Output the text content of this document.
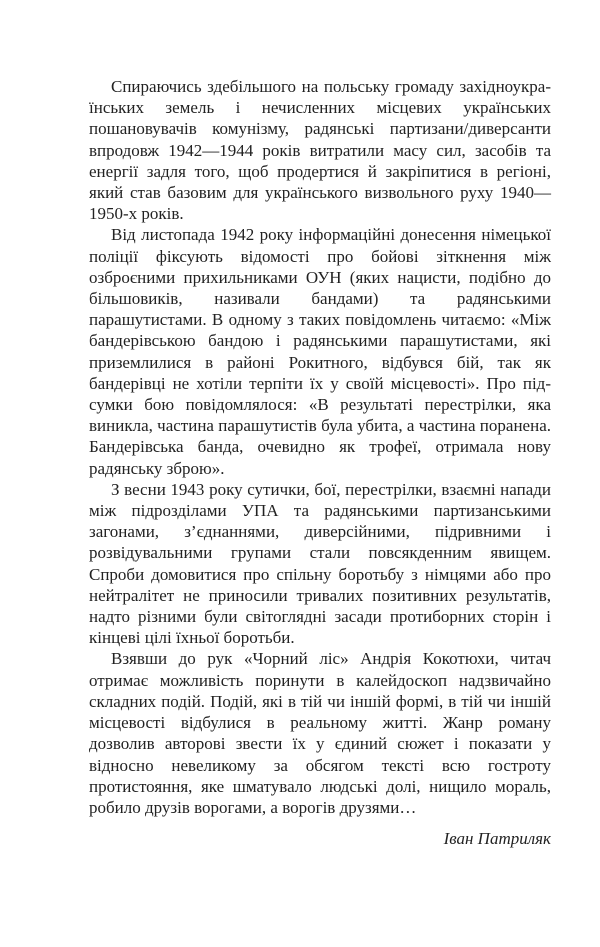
Спираючись здебільшого на польську громаду західноукраїнських земель і нечисленних місцевих українських пошановувачів комунізму, радянські партизани/диверсанти впродовж 1942—1944 років витратили масу сил, засобів та енергії задля того, щоб продертися й закріпитися в регіоні, який став базовим для українського визвольного руху 1940—1950-х років.

Від листопада 1942 року інформаційні донесення німецької поліції фіксують відомості про бойові зіткнення між озброєними прихильниками ОУН (яких нацисти, подібно до більшовиків, називали бандами) та радянськими парашутистами. В одному з таких повідомлень читаємо: «Між бандерівською бандою і радянськими парашутистами, які приземлилися в районі Рокитного, відбувся бій, так як бандерівці не хотіли терпіти їх у своїй місцевості». Про підсумки бою повідомлялося: «В результаті перестрілки, яка виникла, частина парашутистів була убита, а частина поранена. Бандерівська банда, очевидно як трофеї, отримала нову радянську зброю».

З весни 1943 року сутички, бої, перестрілки, взаємні напади між підрозділами УПА та радянськими партизанськими загонами, з’єднаннями, диверсійними, підривними і розвідувальними групами стали повсякденним явищем. Спроби домовитися про спільну боротьбу з німцями або про нейтралітет не приносили тривалих позитивних результатів, надто різними були світоглядні засади протиборних сторін і кінцеві цілі їхньої боротьби.

Взявши до рук «Чорний ліс» Андрія Кокотюхи, читач отримає можливість поринути в калейдоскоп надзвичайно складних подій. Подій, які в тій чи іншій формі, в тій чи іншій місцевості відбулися в реальному житті. Жанр роману дозволив авторові звести їх у єдиний сюжет і показати у відносно невеликому за обсягом тексті всю гостроту протистояння, яке шматувало людські долі, нищило мораль, робило друзів ворогами, а ворогів друзями…

Іван Патриляк
